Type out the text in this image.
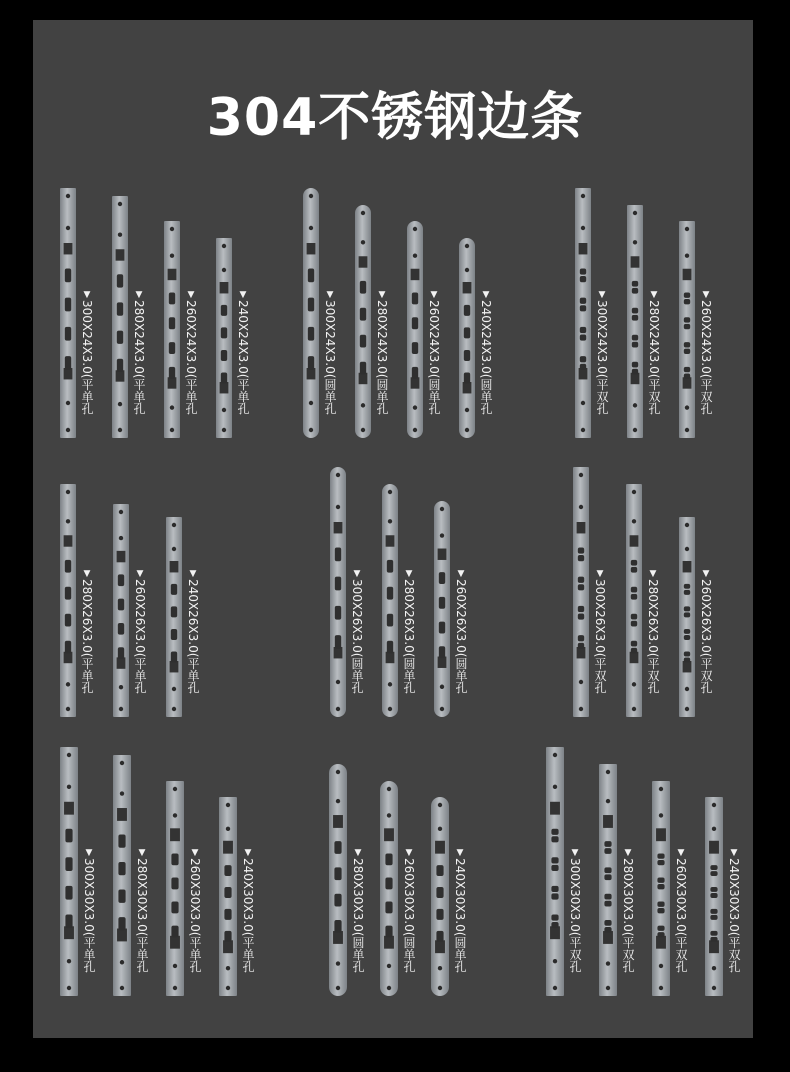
304不锈钢边条
▼300X24X3.0(平单孔
▼280X24X3.0(平单孔
▼260X24X3.0(平单孔
▼240X24X3.0(平单孔
▼300X24X3.0(圆单孔
▼280X24X3.0(圆单孔
▼260X24X3.0(圆单孔
▼240X24X3.0(圆单孔
▼300X24X3.0(平双孔
▼280X24X3.0(平双孔
▼260X24X3.0(平双孔
▼280X26X3.0(平单孔
▼260X26X3.0(平单孔
▼240X26X3.0(平单孔
▼300X26X3.0(圆单孔
▼280X26X3.0(圆单孔
▼260X26X3.0(圆单孔
▼300X26X3.0(平双孔
▼280X26X3.0(平双孔
▼260X26X3.0(平双孔
▼300X30X3.0(平单孔
▼280X30X3.0(平单孔
▼260X30X3.0(平单孔
▼240X30X3.0(平单孔
▼280X30X3.0(圆单孔
▼260X30X3.0(圆单孔
▼240X30X3.0(圆单孔
▼300X30X3.0(平双孔
▼280X30X3.0(平双孔
▼260X30X3.0(平双孔
▼240X30X3.0(平双孔
